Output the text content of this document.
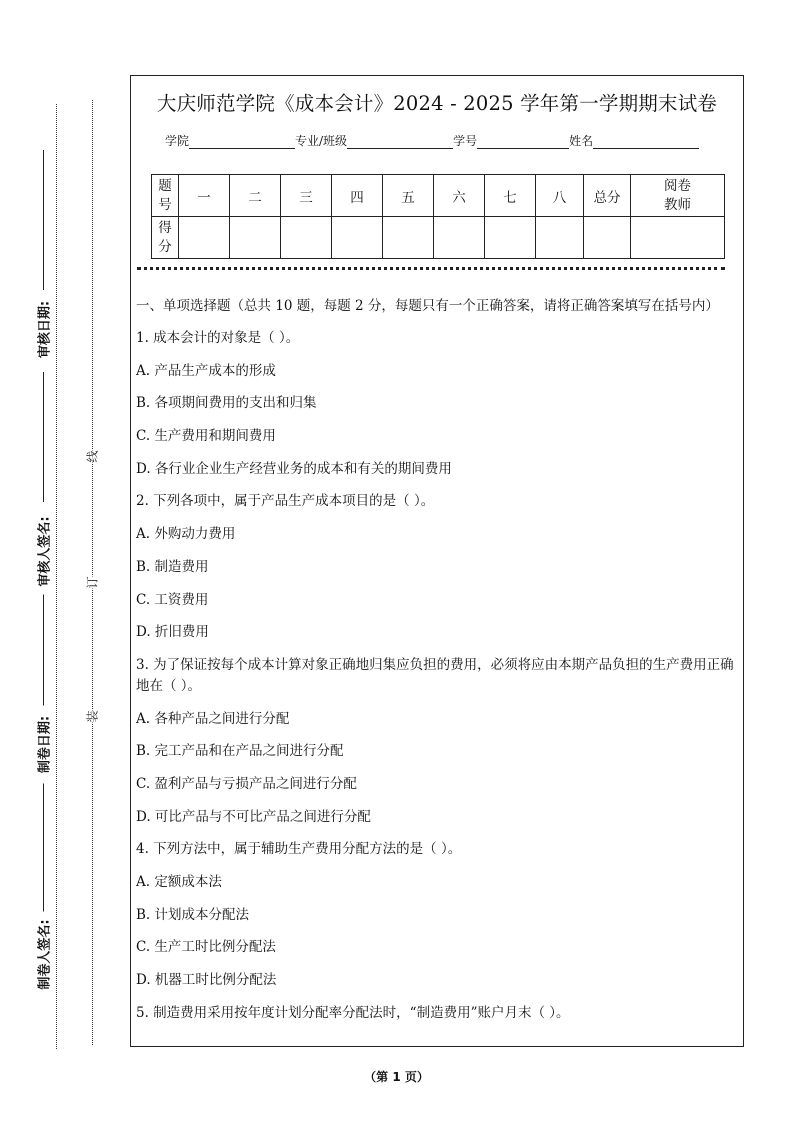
审核日期:
审核人签名:
制卷日期:
制卷人签名:
线
订
装
大庆师范学院《成本会计》2024 - 2025 学年第一学期期末试卷
学院	专业/班级	学号	姓名
题号	一	二	三	四	五	六	七	八	总分	阅卷教师
得分										

一、单项选择题（总共 10 题，每题 2 分，每题只有一个正确答案，请将正确答案填写在括号内）

1. 成本会计的对象是（ ）。

A. 产品生产成本的形成

B. 各项期间费用的支出和归集

C. 生产费用和期间费用

D. 各行业企业生产经营业务的成本和有关的期间费用

2. 下列各项中，属于产品生产成本项目的是（ ）。

A. 外购动力费用

B. 制造费用

C. 工资费用

D. 折旧费用

3. 为了保证按每个成本计算对象正确地归集应负担的费用，必须将应由本期产品负担的生产费用正确地在（ ）。

A. 各种产品之间进行分配

B. 完工产品和在产品之间进行分配

C. 盈利产品与亏损产品之间进行分配

D. 可比产品与不可比产品之间进行分配

4. 下列方法中，属于辅助生产费用分配方法的是（ ）。

A. 定额成本法

B. 计划成本分配法

C. 生产工时比例分配法

D. 机器工时比例分配法

5. 制造费用采用按年度计划分配率分配法时，“制造费用”账户月末（ ）。

（第 1 页）
